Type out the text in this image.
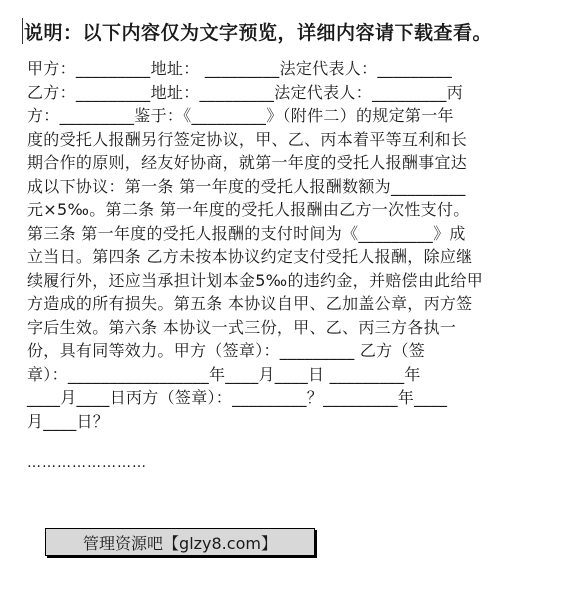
说明：以下内容仅为文字预览，详细内容请下载查看。
甲方：_________地址： _________法定代表人：_________
乙方：_________地址：_________法定代表人：_________丙
方：_________鉴于：《_________》（附件二）的规定第一年
度的受托人报酬另行签定协议，甲、乙、丙本着平等互利和长
期合作的原则，经友好协商，就第一年度的受托人报酬事宜达
成以下协议：第一条 第一年度的受托人报酬数额为_________
元×5‰。第二条 第一年度的受托人报酬由乙方一次性支付。
第三条 第一年度的受托人报酬的支付时间为《_________》成
立当日。第四条 乙方未按本协议约定支付受托人报酬，除应继
续履行外，还应当承担计划本金5‰的违约金，并赔偿由此给甲
方造成的所有损失。第五条 本协议自甲、乙加盖公章，丙方签
字后生效。第六条 本协议一式三份，甲、乙、丙三方各执一
份，具有同等效力。甲方（签章）：_________ 乙方（签
章）：_________________年____月____日 _________年
____月____日丙方（签章）：_________？_________年____
月____日？
……………………
管理资源吧【glzy8.com】
